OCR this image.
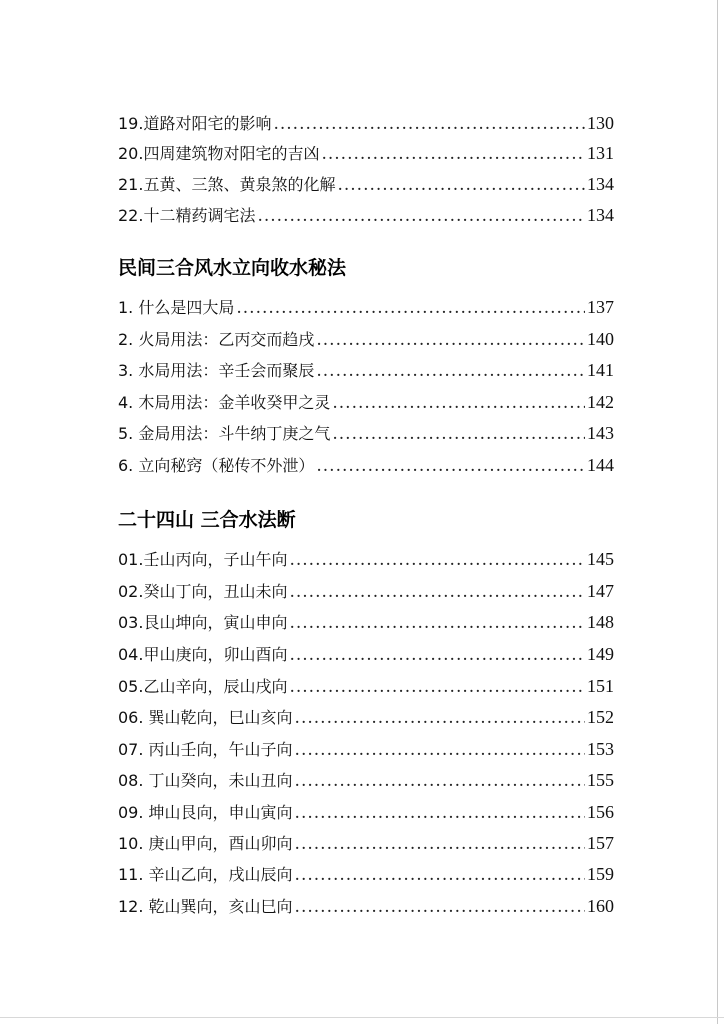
19.道路对阳宅的影响 .....	130
20.四周建筑物对阳宅的吉凶 .....	131
21.五黄、三煞、黄泉煞的化解 .....	134
22.十二精药调宅法 .....	134
民间三合风水立向收水秘法
1. 什么是四大局 .....	137
2. 火局用法：乙丙交而趋戌 .....	140
3. 水局用法：辛壬会而聚辰 .....	141
4. 木局用法：金羊收癸甲之灵 .....	142
5. 金局用法：斗牛纳丁庚之气 .....	143
6. 立向秘窍（秘传不外泄） .....	144
二十四山 三合水法断
01.壬山丙向，子山午向 .....	145
02.癸山丁向，丑山未向 .....	147
03.艮山坤向，寅山申向 .....	148
04.甲山庚向，卯山酉向 .....	149
05.乙山辛向，辰山戌向 .....	151
06. 巽山乾向，巳山亥向 .....	152
07. 丙山壬向，午山子向 .....	153
08. 丁山癸向，未山丑向 .....	155
09. 坤山艮向，申山寅向 .....	156
10. 庚山甲向，酉山卯向 .....	157
11. 辛山乙向，戌山辰向 .....	159
12. 乾山巽向，亥山巳向 .....	160
